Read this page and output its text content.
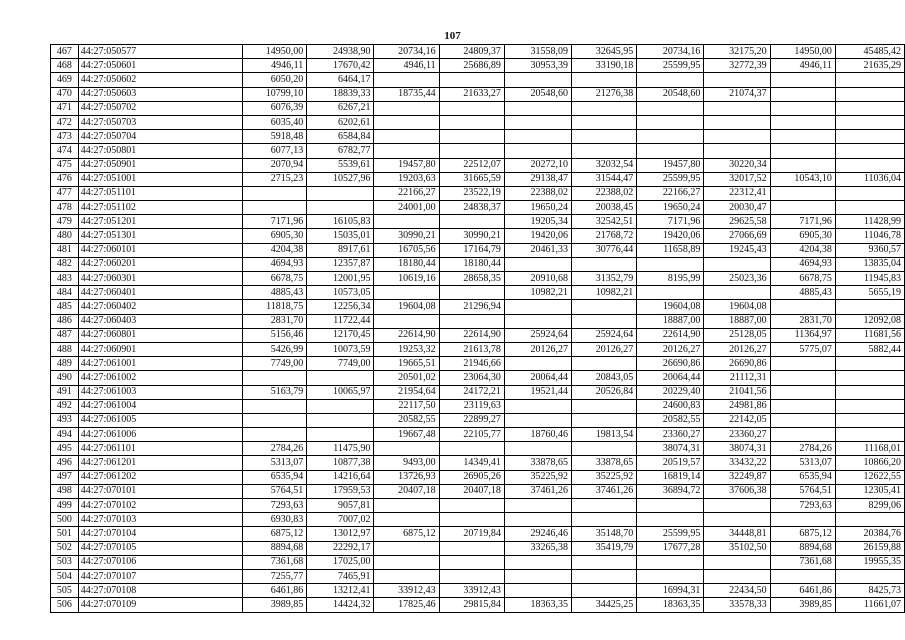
107
467	44:27:050577	14950,00	24938,90	20734,16	24809,37	31558,09	32645,95	20734,16	32175,20	14950,00	45485,42
468	44:27:050601	4946,11	17670,42	4946,11	25686,89	30953,39	33190,18	25599,95	32772,39	4946,11	21635,29
469	44:27:050602	6050,20	6464,17								
470	44:27:050603	10799,10	18839,33	18735,44	21633,27	20548,60	21276,38	20548,60	21074,37		
471	44:27:050702	6076,39	6267,21								
472	44:27:050703	6035,40	6202,61								
473	44:27:050704	5918,48	6584,84								
474	44:27:050801	6077,13	6782,77								
475	44:27:050901	2070,94	5539,61	19457,80	22512,07	20272,10	32032,54	19457,80	30220,34		
476	44:27:051001	2715,23	10527,96	19203,63	31665,59	29138,47	31544,47	25599,95	32017,52	10543,10	11036,04
477	44:27:051101			22166,27	23522,19	22388,02	22388,02	22166,27	22312,41		
478	44:27:051102			24001,00	24838,37	19650,24	20038,45	19650,24	20030,47		
479	44:27:051201	7171,96	16105,83			19205,34	32542,51	7171,96	29625,58	7171,96	11428,99
480	44:27:051301	6905,30	15035,01	30990,21	30990,21	19420,06	21768,72	19420,06	27066,69	6905,30	11046,78
481	44:27:060101	4204,38	8917,61	16705,56	17164,79	20461,33	30776,44	11658,89	19245,43	4204,38	9360,57
482	44:27:060201	4694,93	12357,87	18180,44	18180,44					4694,93	13835,04
483	44:27:060301	6678,75	12001,95	10619,16	28658,35	20910,68	31352,79	8195,99	25023,36	6678,75	11945,83
484	44:27:060401	4885,43	10573,05			10982,21	10982,21			4885,43	5655,19
485	44:27:060402	11818,75	12256,34	19604,08	21296,94			19604,08	19604,08		
486	44:27:060403	2831,70	11722,44					18887,00	18887,00	2831,70	12092,08
487	44:27:060801	5156,46	12170,45	22614,90	22614,90	25924,64	25924,64	22614,90	25128,05	11364,97	11681,56
488	44:27:060901	5426,99	10073,59	19253,32	21613,78	20126,27	20126,27	20126,27	20126,27	5775,07	5882,44
489	44:27:061001	7749,00	7749,00	19665,51	21946,66			26690,86	26690,86		
490	44:27:061002			20501,02	23064,30	20064,44	20843,05	20064,44	21112,31		
491	44:27:061003	5163,79	10065,97	21954,64	24172,21	19521,44	20526,84	20229,40	21041,56		
492	44:27:061004			22117,50	23119,63			24600,83	24981,86		
493	44:27:061005			20582,55	22899,27			20582,55	22142,05		
494	44:27:061006			19667,48	22105,77	18760,46	19813,54	23360,27	23360,27		
495	44:27:061101	2784,26	11475,90					38074,31	38074,31	2784,26	11168,01
496	44:27:061201	5313,07	10877,38	9493,00	14349,41	33878,65	33878,65	20519,57	33432,22	5313,07	10866,20
497	44:27:061202	6535,94	14216,64	13726,93	26905,26	35225,92	35225,92	16819,14	32249,87	6535,94	12622,55
498	44:27:070101	5764,51	17959,53	20407,18	20407,18	37461,26	37461,26	36894,72	37606,38	5764,51	12305,41
499	44:27:070102	7293,63	9057,81							7293,63	8299,06
500	44:27:070103	6930,83	7007,02								
501	44:27:070104	6875,12	13012,97	6875,12	20719,84	29246,46	35148,70	25599,95	34448,81	6875,12	20384,76
502	44:27:070105	8894,68	22292,17			33265,38	35419,79	17677,28	35102,50	8894,68	26159,88
503	44:27:070106	7361,68	17025,00							7361,68	19955,35
504	44:27:070107	7255,77	7465,91								
505	44:27:070108	6461,86	13212,41	33912,43	33912,43			16994,31	22434,50	6461,86	8425,73
506	44:27:070109	3989,85	14424,32	17825,46	29815,84	18363,35	34425,25	18363,35	33578,33	3989,85	11661,07
